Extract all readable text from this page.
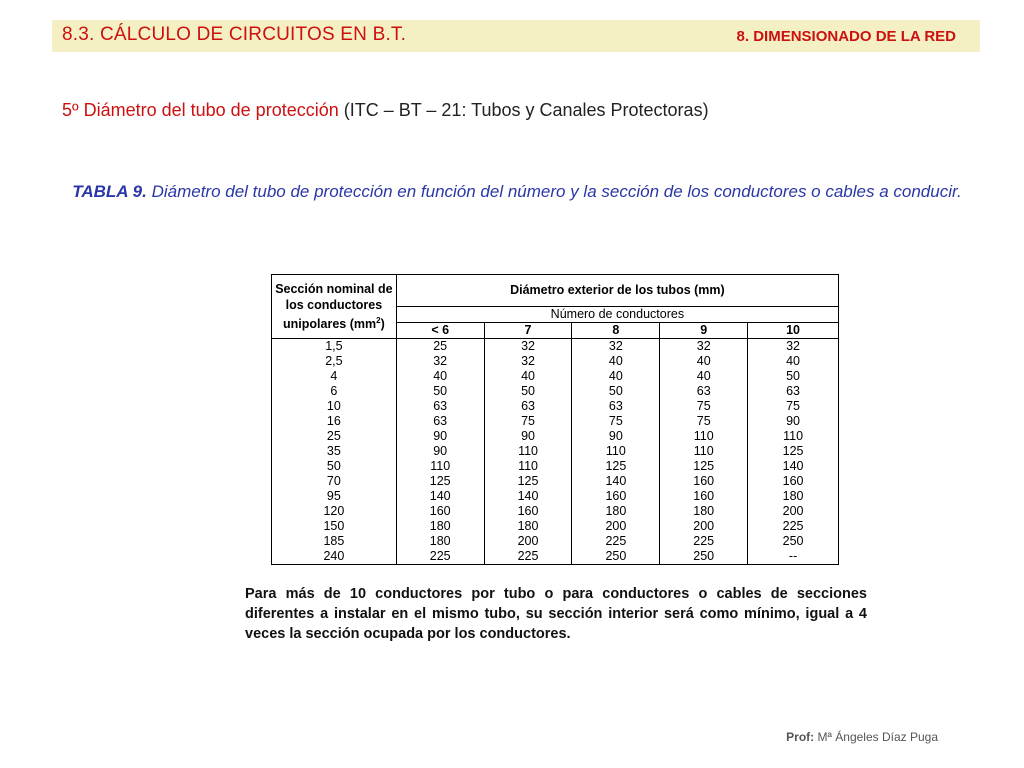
8.3. CÁLCULO DE CIRCUITOS EN B.T.	8. DIMENSIONADO DE LA RED
5º Diámetro del tubo de protección (ITC – BT – 21: Tubos y Canales Protectoras)
TABLA 9. Diámetro del tubo de protección en función del número y la sección de los conductores o cables a conducir.
Sección nominal de los conductores unipolares $(mm^2)$	Diámetro exterior de los tubos (mm)				
	Número de conductores				
	< 6	7	8	9	10
1,5	25	32	32	32	32
2,5	32	32	40	40	40
4	40	40	40	40	50
6	50	50	50	63	63
10	63	63	63	75	75
16	63	75	75	75	90
25	90	90	90	110	110
35	90	110	110	110	125
50	110	110	125	125	140
70	125	125	140	160	160
95	140	140	160	160	180
120	160	160	180	180	200
150	180	180	200	200	225
185	180	200	225	225	250
240	225	225	250	250	--
Para más de 10 conductores por tubo o para conductores o cables de secciones diferentes a instalar en el mismo tubo, su sección interior será como mínimo, igual a 4 veces la sección ocupada por los conductores.
Prof: Mª Ángeles Díaz Puga
